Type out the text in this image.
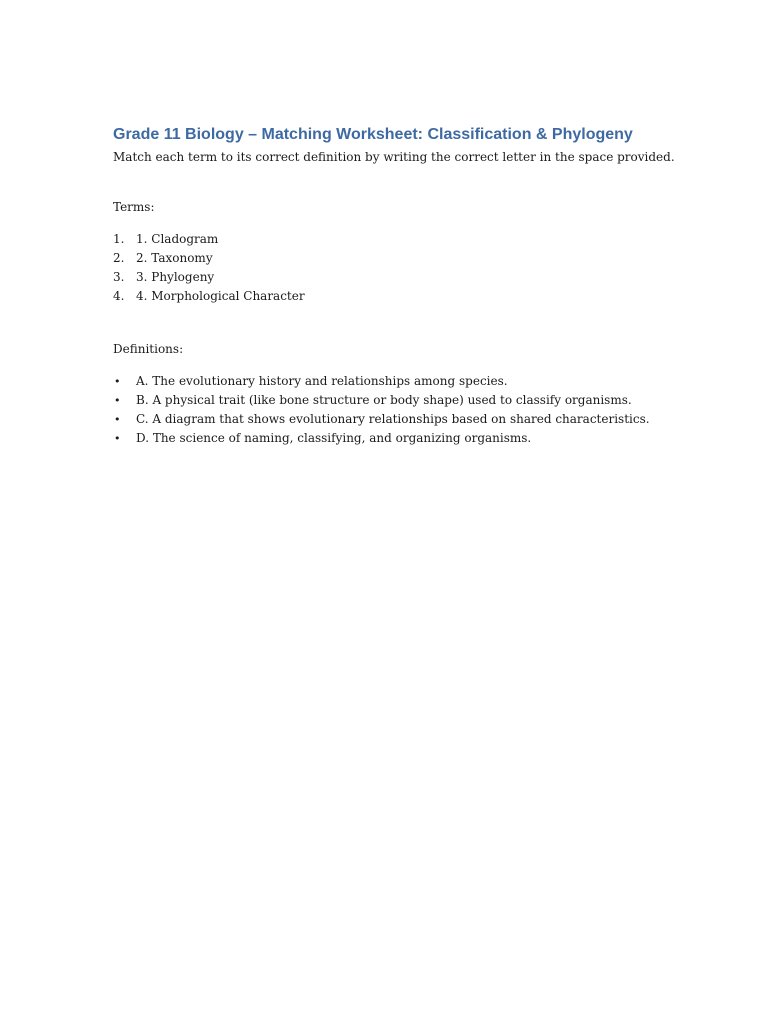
Grade 11 Biology – Matching Worksheet: Classification & Phylogeny

Match each term to its correct definition by writing the correct letter in the space provided.

Terms:

1. 1. Cladogram
2. 2. Taxonomy
3. 3. Phylogeny
4. 4. Morphological Character

Definitions:

• A. The evolutionary history and relationships among species.
• B. A physical trait (like bone structure or body shape) used to classify organisms.
• C. A diagram that shows evolutionary relationships based on shared characteristics.
• D. The science of naming, classifying, and organizing organisms.
